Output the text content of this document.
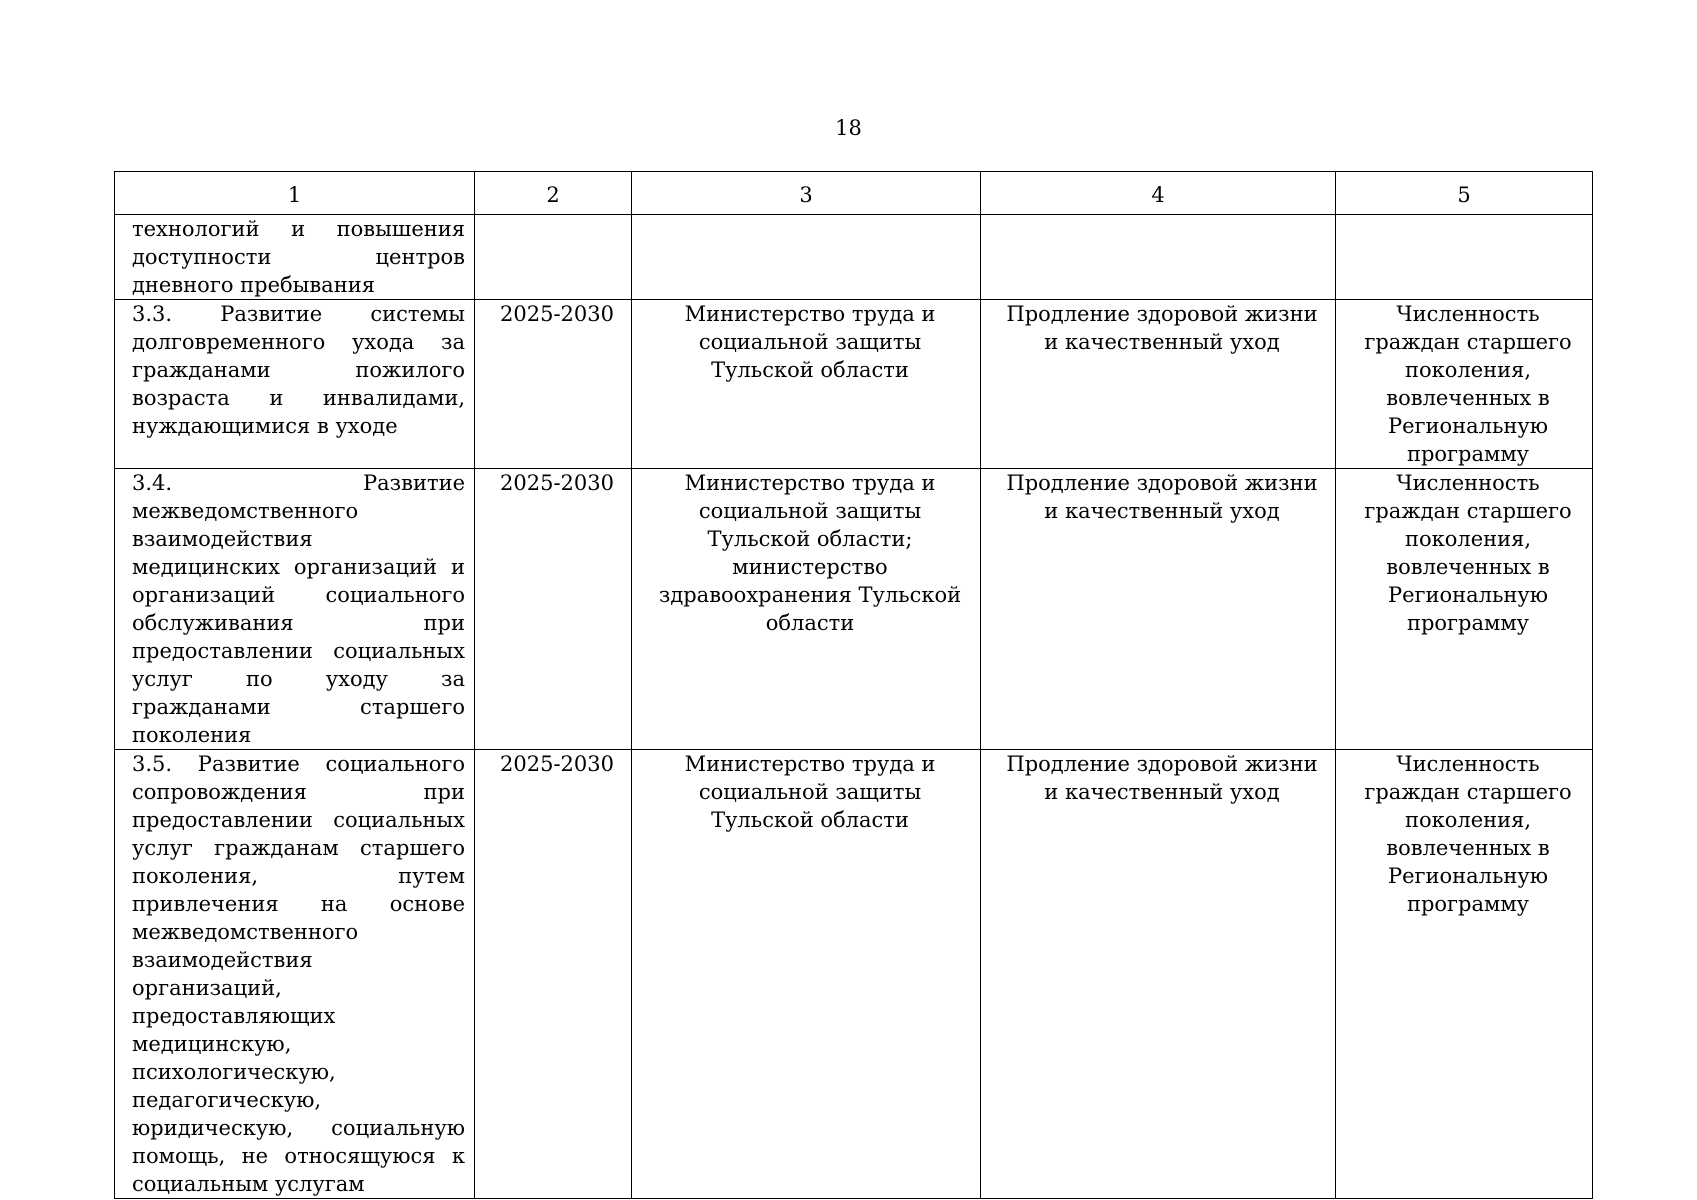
18
1	2	3	4	5
технологий и повышения доступности центров дневного пребывания				
3.3. Развитие системы долговременного ухода за гражданами пожилого возраста и инвалидами, нуждающимися в уходе	2025-2030	Министерство труда и социальной защиты Тульской области	Продление здоровой жизни и качественный уход	Численность граждан старшего поколения, вовлеченных в Региональную программу
3.4. Развитие межведомственного взаимодействия медицинских организаций и организаций социального обслуживания при предоставлении социальных услуг по уходу за гражданами старшего поколения	2025-2030	Министерство труда и социальной защиты Тульской области; министерство здравоохранения Тульской области	Продление здоровой жизни и качественный уход	Численность граждан старшего поколения, вовлеченных в Региональную программу
3.5. Развитие социального сопровождения при предоставлении социальных услуг гражданам старшего поколения, путем привлечения на основе межведомственного взаимодействия организаций, предоставляющих медицинскую, психологическую, педагогическую, юридическую, социальную помощь, не относящуюся к социальным услугам	2025-2030	Министерство труда и социальной защиты Тульской области	Продление здоровой жизни и качественный уход	Численность граждан старшего поколения, вовлеченных в Региональную программу
